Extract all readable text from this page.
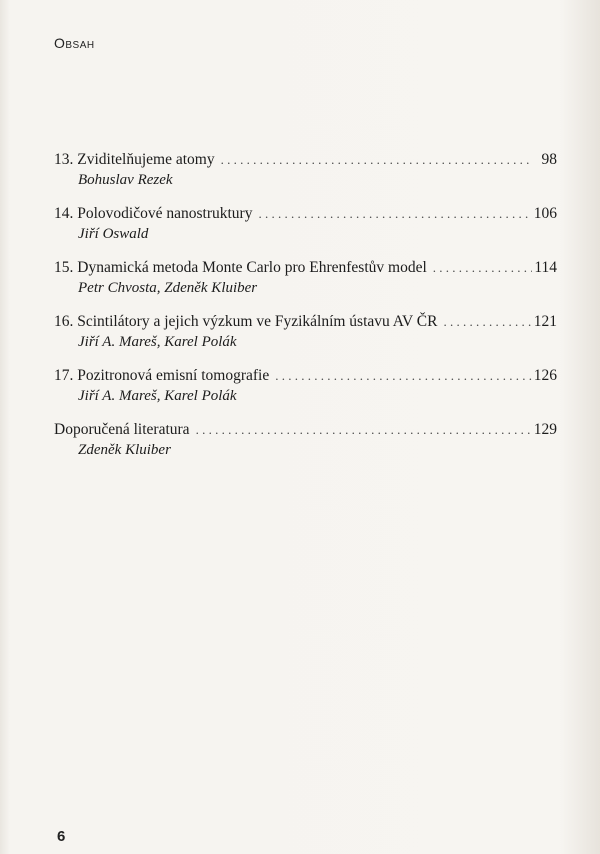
Obsah
13. Zviditelňujeme atomy . . .	98
Bohuslav Rezek
14. Polovodičové nanostruktury . . .	106
Jiří Oswald
15. Dynamická metoda Monte Carlo pro Ehrenfestův model . . .	114
Petr Chvosta, Zdeněk Kluiber
16. Scintilátory a jejich výzkum ve Fyzikálním ústavu AV ČR . . .	121
Jiří A. Mareš, Karel Polák
17. Pozitronová emisní tomografie . . .	126
Jiří A. Mareš, Karel Polák
Doporučená literatura . . .	129
Zdeněk Kluiber
6
